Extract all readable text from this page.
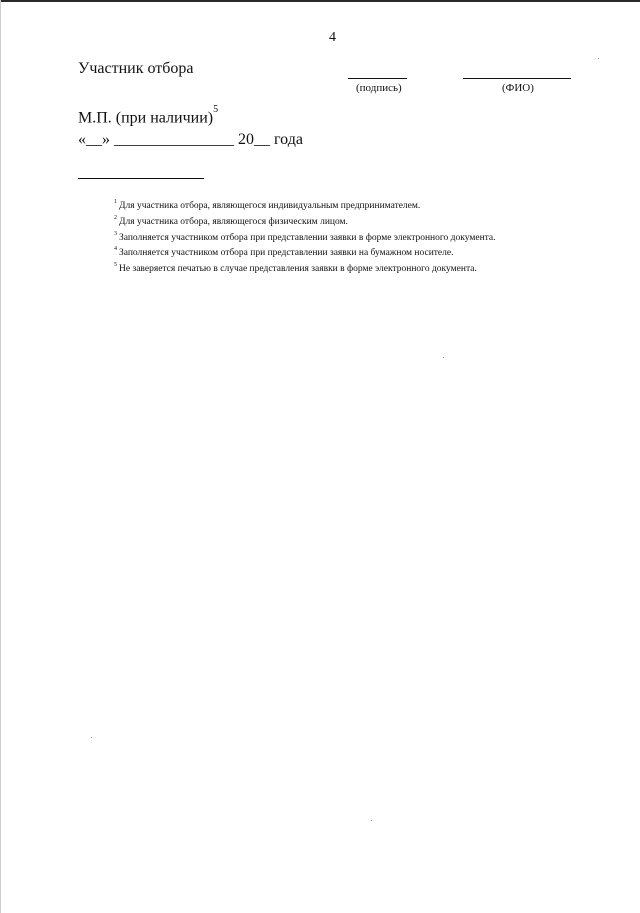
4
Участник отбора
(подпись)	(ФИО)
М.П. (при наличии)$^5$
«__» _______________ 20__ года
$^1$ Для участника отбора, являющегося индивидуальным предпринимателем.
$^2$ Для участника отбора, являющегося физическим лицом.
$^3$ Заполняется участником отбора при представлении заявки в форме электронного документа.
$^4$ Заполняется участником отбора при представлении заявки на бумажном носителе.
$^5$ Не заверяется печатью в случае представления заявки в форме электронного документа.
